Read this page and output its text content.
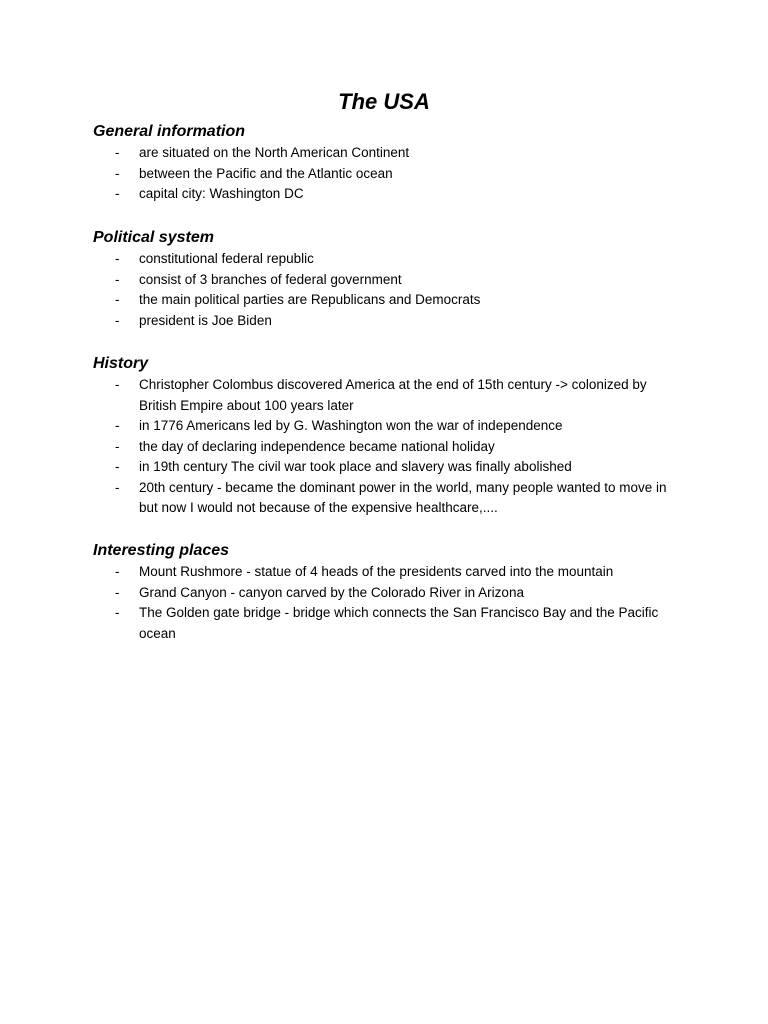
The USA
General information
- are situated on the North American Continent
- between the Pacific and the Atlantic ocean
- capital city: Washington DC
Political system
- constitutional federal republic
- consist of 3 branches of federal government
- the main political parties are Republicans and Democrats
- president is Joe Biden
History
- Christopher Colombus discovered America at the end of 15th century -> colonized by British Empire about 100 years later
- in 1776 Americans led by G. Washington won the war of independence
- the day of declaring independence became national holiday
- in 19th century The civil war took place and slavery was finally abolished
- 20th century - became the dominant power in the world, many people wanted to move in but now I would not because of the expensive healthcare,....
Interesting places
- Mount Rushmore - statue of 4 heads of the presidents carved into the mountain
- Grand Canyon - canyon carved by the Colorado River in Arizona
- The Golden gate bridge - bridge which connects the San Francisco Bay and the Pacific ocean
